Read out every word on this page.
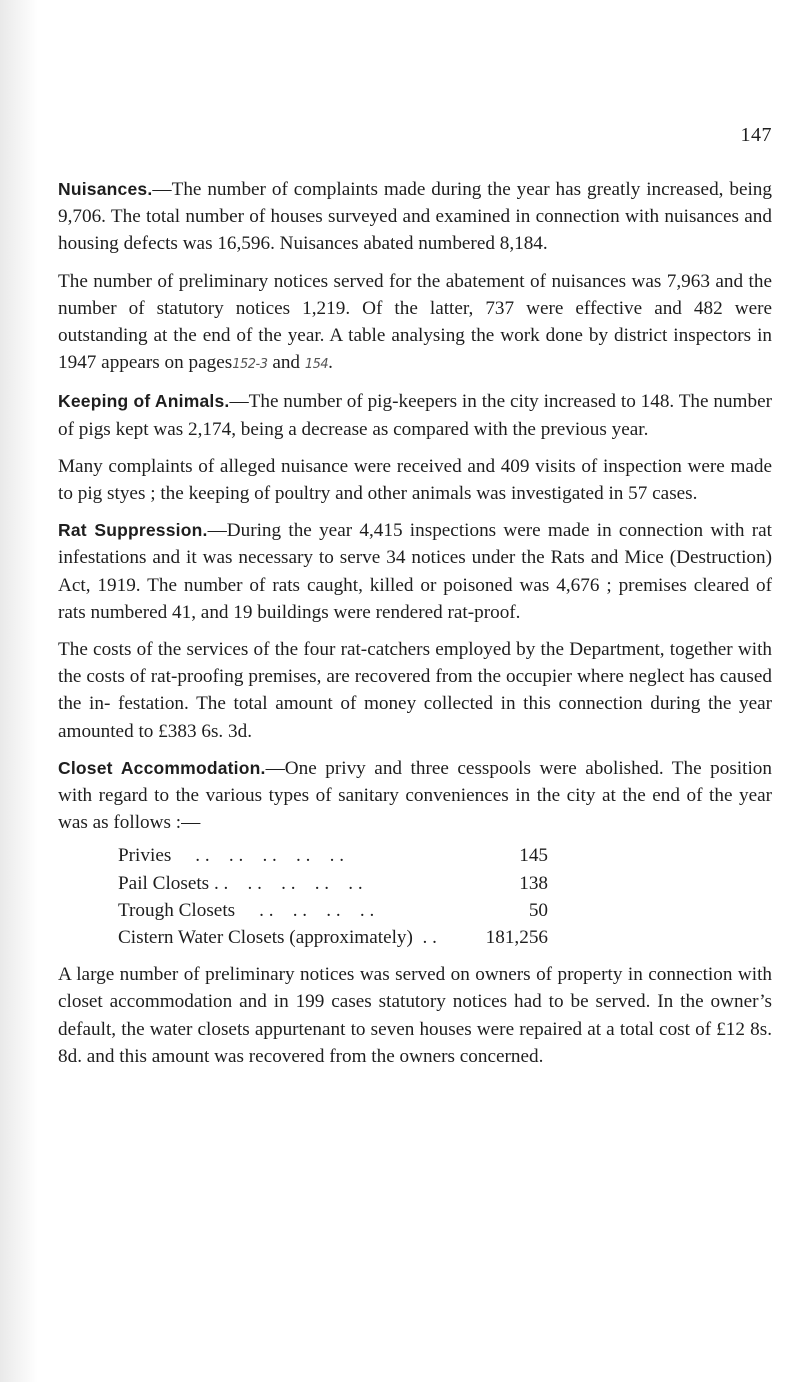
147

Nuisances.—The number of complaints made during the year has greatly increased, being 9,706. The total number of houses surveyed and examined in connection with nuisances and housing defects was 16,596. Nuisances abated numbered 8,184.

The number of preliminary notices served for the abatement of nuisances was 7,963 and the number of statutory notices 1,219. Of the latter, 737 were effective and 482 were outstanding at the end of the year. A table analysing the work done by district inspectors in 1947 appears on pages152-3 and 154.

Keeping of Animals.—The number of pig-keepers in the city increased to 148. The number of pigs kept was 2,174, being a decrease as compared with the previous year.

Many complaints of alleged nuisance were received and 409 visits of inspection were made to pig styes ; the keeping of poultry and other animals was investigated in 57 cases.

Rat Suppression.—During the year 4,415 inspections were made in connection with rat infestations and it was necessary to serve 34 notices under the Rats and Mice (Destruction) Act, 1919. The number of rats caught, killed or poisoned was 4,676 ; premises cleared of rats numbered 41, and 19 buildings were rendered rat-proof.

The costs of the services of the four rat-catchers employed by the Department, together with the costs of rat-proofing premises, are recovered from the occupier where neglect has caused the in- festation. The total amount of money collected in this connection during the year amounted to £383 6s. 3d.

Closet Accommodation.—One privy and three cesspools were abolished. The position with regard to the various types of sanitary conveniences in the city at the end of the year was as follows :—

Privies . .    . .    . .    . .    . .	145
Pail Closets . . . .    . .    . .    . .	138
Trough Closets . .    . .    . .    . .	50
Cistern Water Closets (approximately) . .	181,256

A large number of preliminary notices was served on owners of property in connection with closet accommodation and in 199 cases statutory notices had to be served. In the owner’s default, the water closets appurtenant to seven houses were repaired at a total cost of £12 8s. 8d. and this amount was recovered from the owners concerned.
